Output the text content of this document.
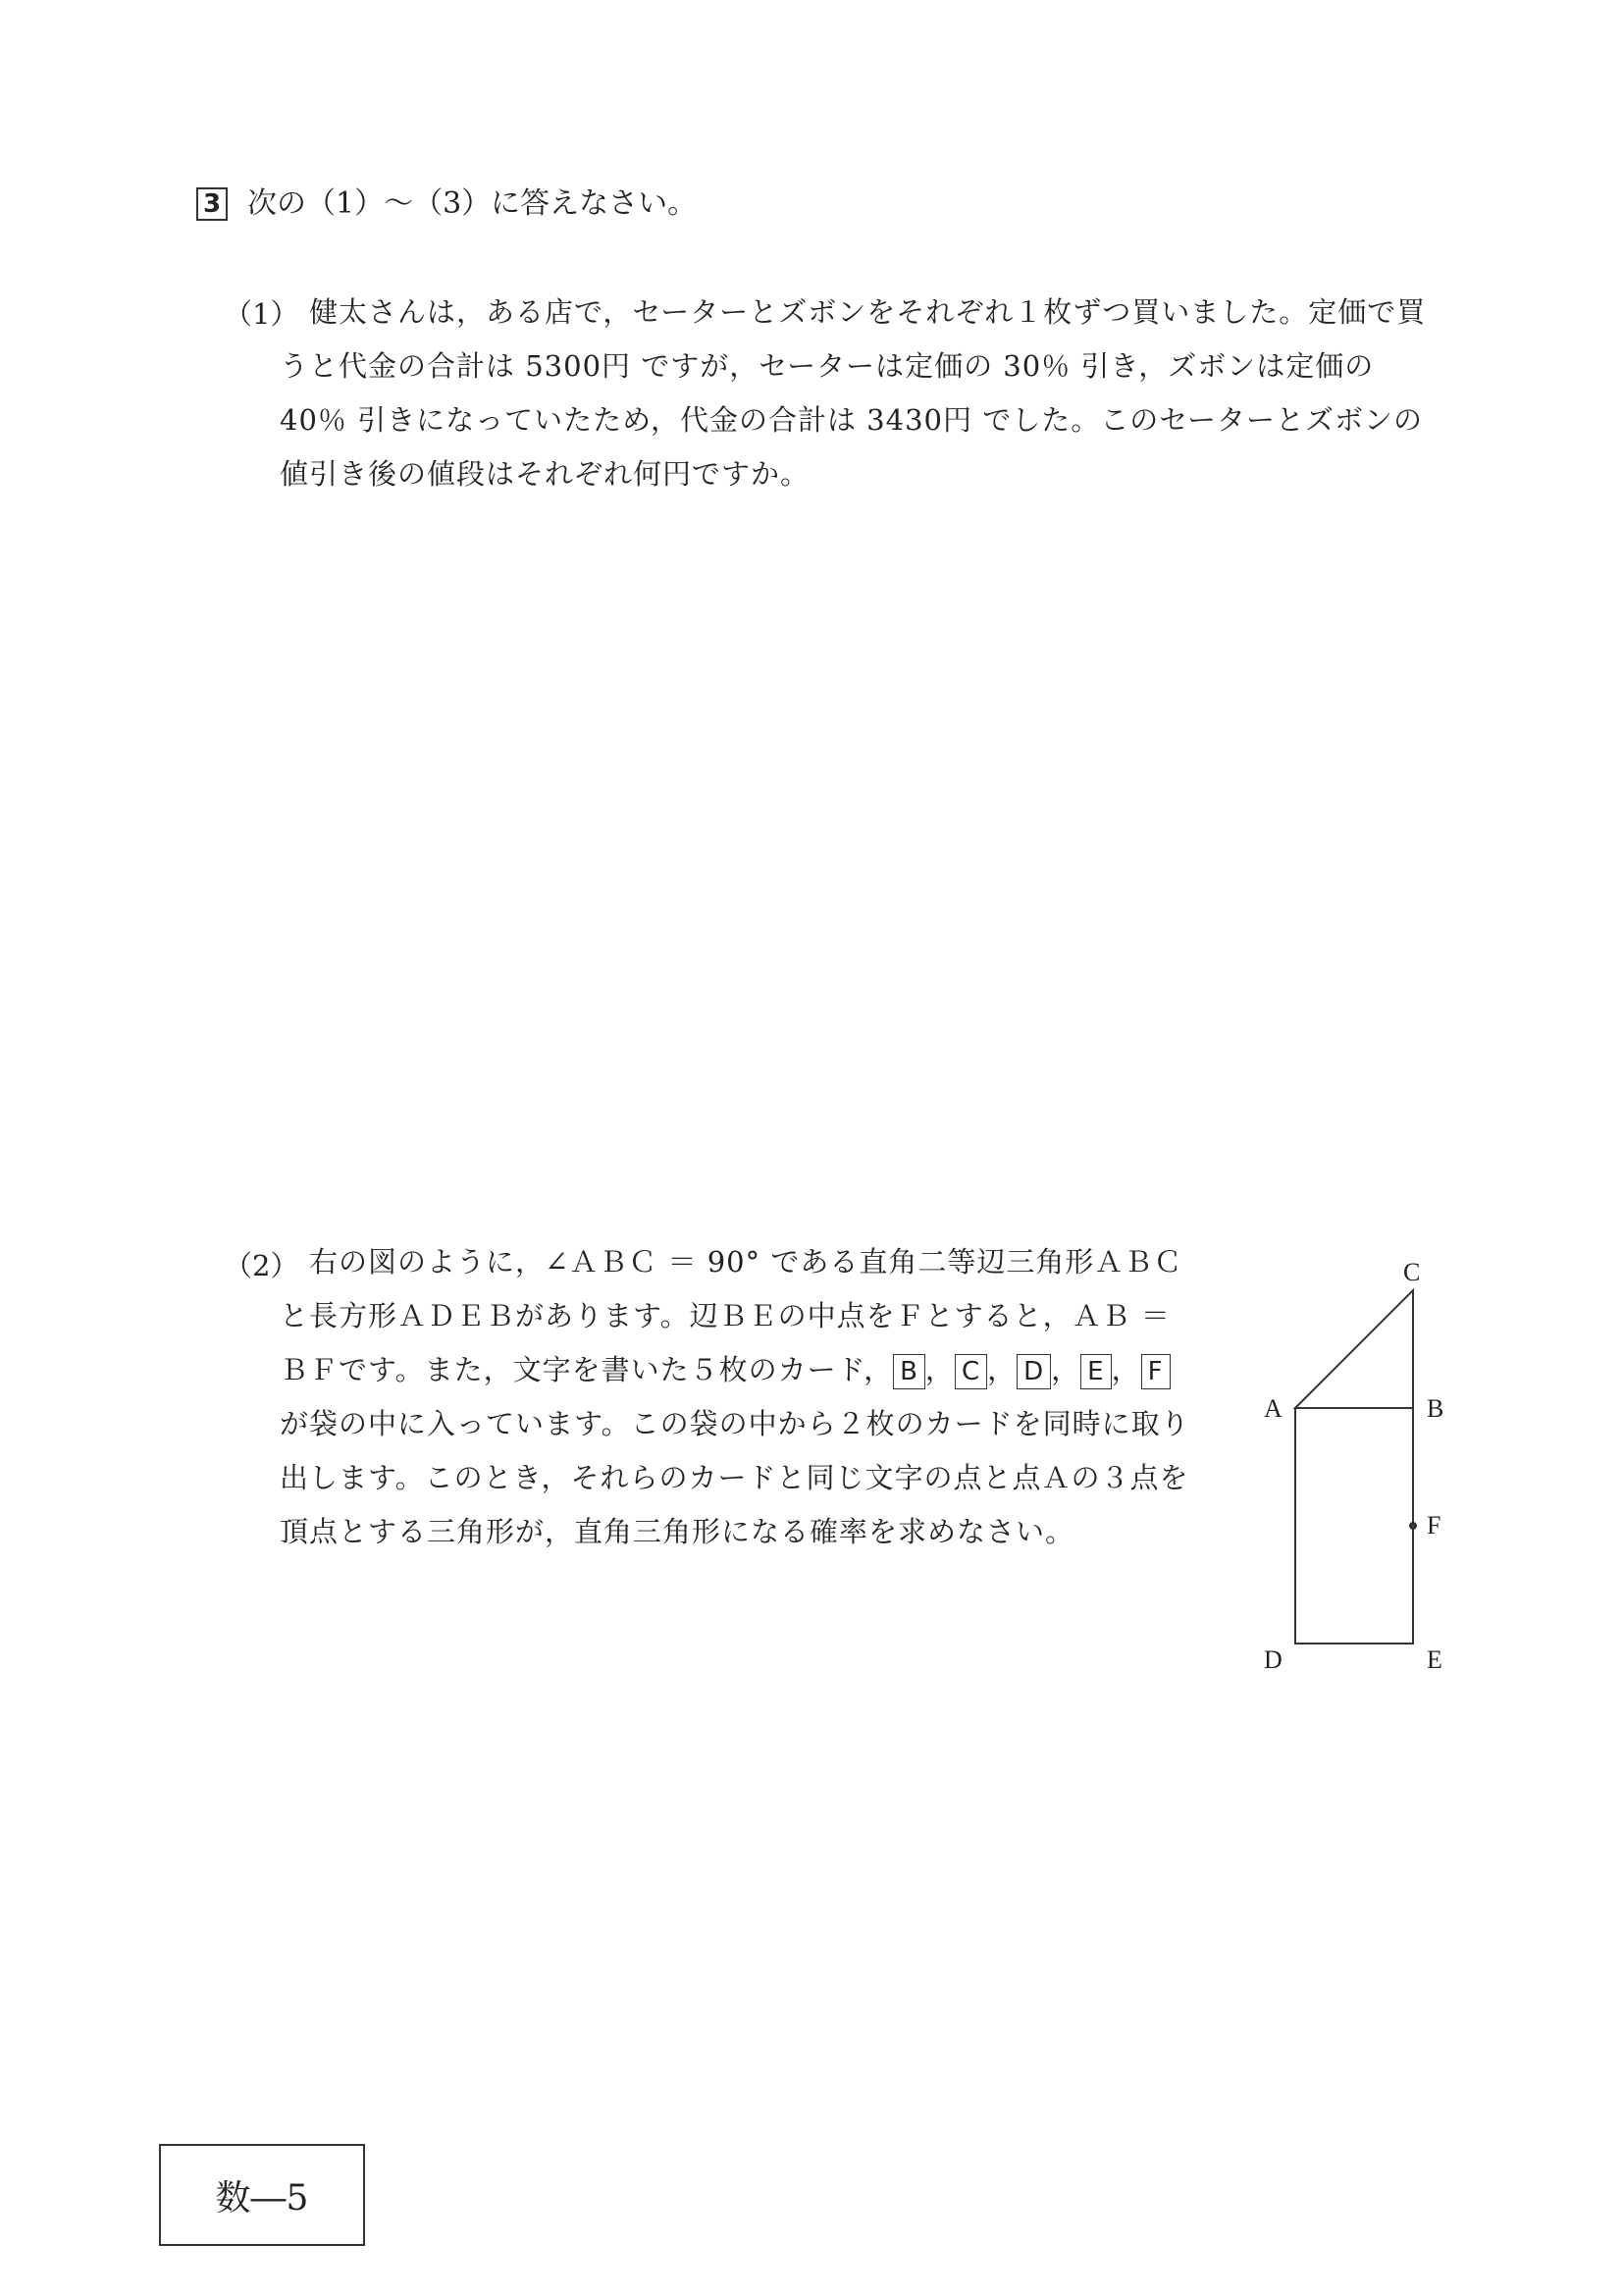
3 次の（1）～（3）に答えなさい。
（1） 健太さんは，ある店で，セーターとズボンをそれぞれ１枚ずつ買いました。定価で買うと代金の合計は 5300円 ですが，セーターは定価の 30％ 引き，ズボンは定価の 40％ 引きになっていたため，代金の合計は 3430円 でした。このセーターとズボンの値引き後の値段はそれぞれ何円ですか。

（2） 右の図のように，∠ＡＢＣ ＝ 90° である直角二等辺三角形ＡＢＣと長方形ＡＤＥＢがあります。辺ＢＥの中点をＦとすると，ＡＢ ＝ ＢＦです。また，文字を書いた５枚のカード， B ， C ， D ， E ， F が袋の中に入っています。この袋の中から２枚のカードを同時に取り出します。このとき，それらのカードと同じ文字の点と点Ａの３点を頂点とする三角形が，直角三角形になる確率を求めなさい。

C
A	B
F
D	E
数―5
